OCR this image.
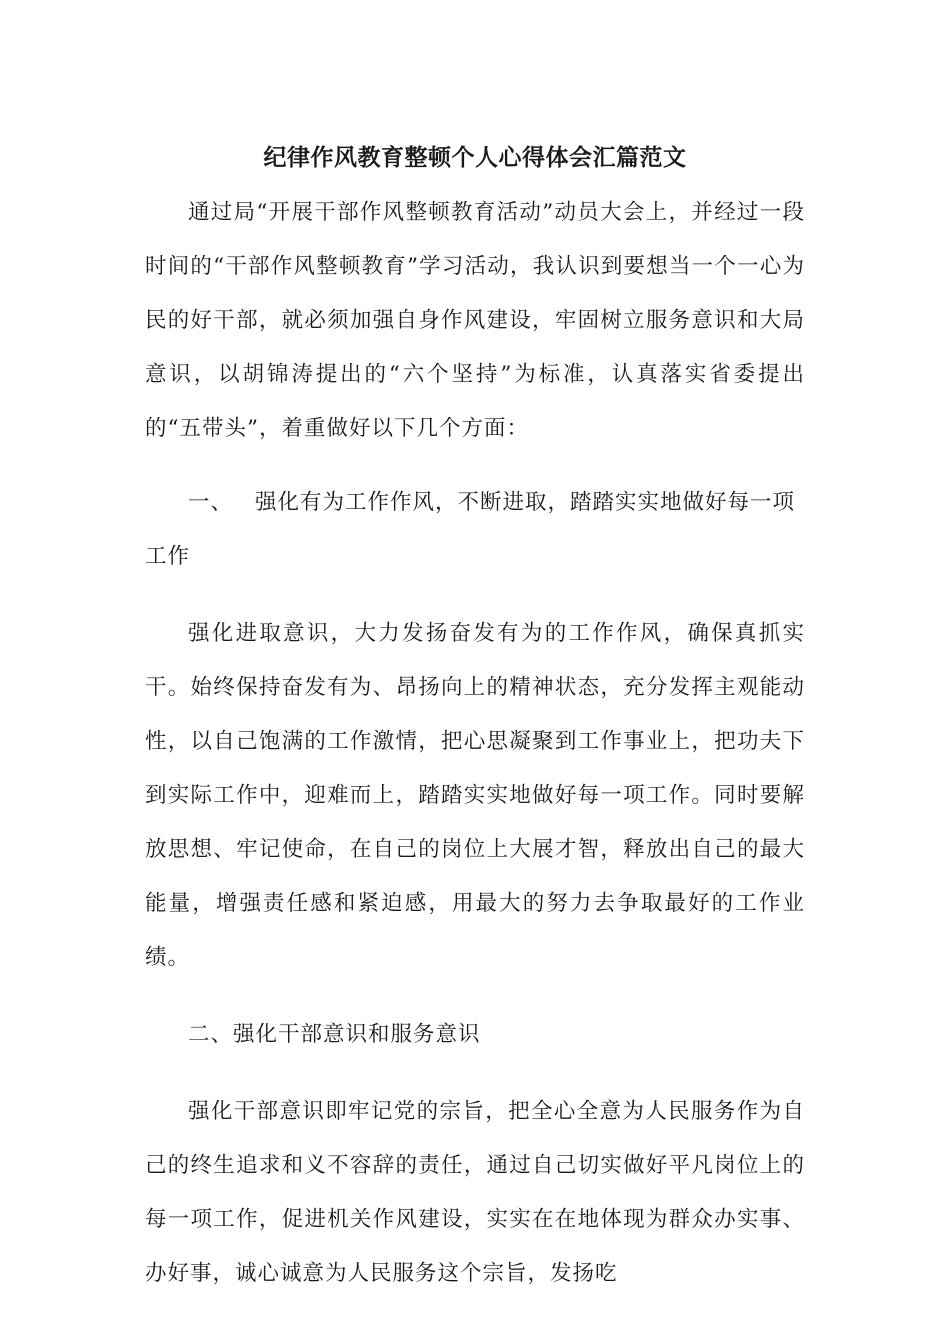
纪律作风教育整顿个人心得体会汇篇范文

通过局“开展干部作风整顿教育活动”动员大会上，并经过一段时间的“干部作风整顿教育”学习活动，我认识到要想当一个一心为民的好干部，就必须加强自身作风建设，牢固树立服务意识和大局意识，以胡锦涛提出的“六个坚持”为标准，认真落实省委提出的“五带头”，着重做好以下几个方面：

一、 强化有为工作作风，不断进取，踏踏实实地做好每一项工作

强化进取意识，大力发扬奋发有为的工作作风，确保真抓实干。始终保持奋发有为、昂扬向上的精神状态，充分发挥主观能动性，以自己饱满的工作激情，把心思凝聚到工作事业上，把功夫下到实际工作中，迎难而上，踏踏实实地做好每一项工作。同时要解放思想、牢记使命，在自己的岗位上大展才智，释放出自己的最大能量，增强责任感和紧迫感，用最大的努力去争取最好的工作业绩。

二、强化干部意识和服务意识

强化干部意识即牢记党的宗旨，把全心全意为人民服务作为自己的终生追求和义不容辞的责任，通过自己切实做好平凡岗位上的每一项工作，促进机关作风建设，实实在在地体现为群众办实事、办好事，诚心诚意为人民服务这个宗旨，发扬吃
